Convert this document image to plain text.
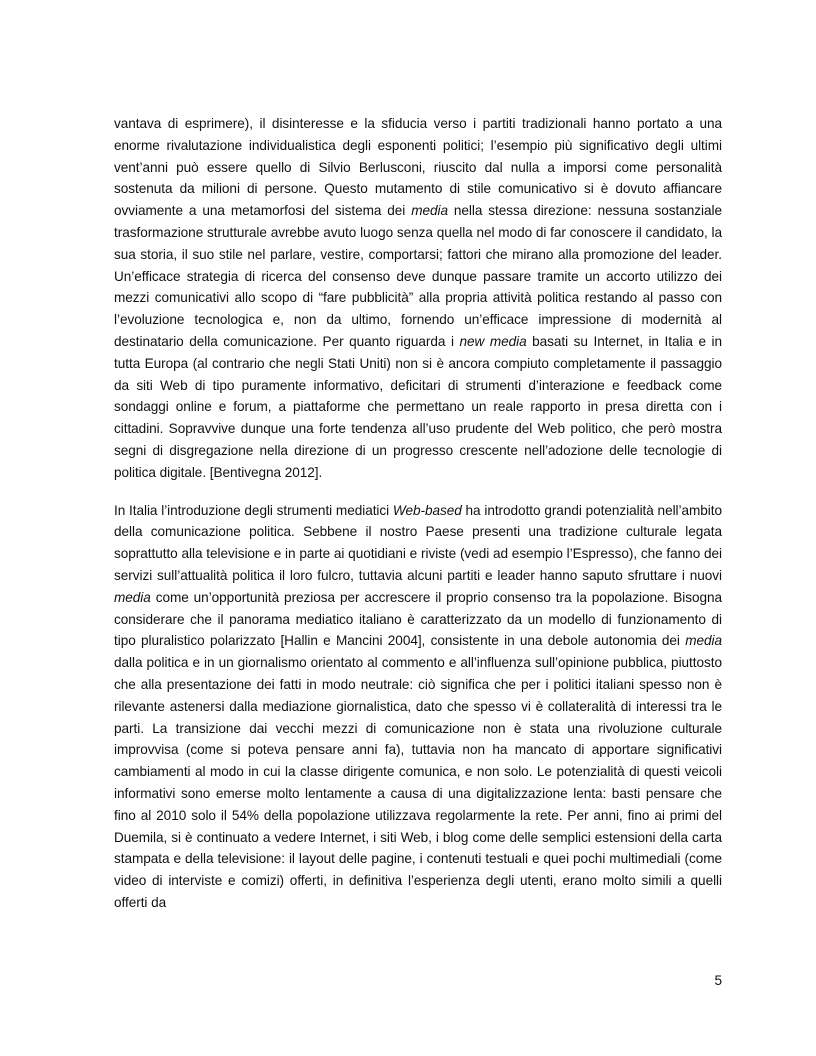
vantava di esprimere), il disinteresse e la sfiducia verso i partiti tradizionali hanno portato a una enorme rivalutazione individualistica degli esponenti politici; l’esempio più significativo degli ultimi vent’anni può essere quello di Silvio Berlusconi, riuscito dal nulla a imporsi come personalità sostenuta da milioni di persone. Questo mutamento di stile comunicativo si è dovuto affiancare ovviamente a una metamorfosi del sistema dei media nella stessa direzione: nessuna sostanziale trasformazione strutturale avrebbe avuto luogo senza quella nel modo di far conoscere il candidato, la sua storia, il suo stile nel parlare, vestire, comportarsi; fattori che mirano alla promozione del leader. Un’efficace strategia di ricerca del consenso deve dunque passare tramite un accorto utilizzo dei mezzi comunicativi allo scopo di “fare pubblicità” alla propria attività politica restando al passo con l’evoluzione tecnologica e, non da ultimo, fornendo un’efficace impressione di modernità al destinatario della comunicazione. Per quanto riguarda i new media basati su Internet, in Italia e in tutta Europa (al contrario che negli Stati Uniti) non si è ancora compiuto completamente il passaggio da siti Web di tipo puramente informativo, deficitari di strumenti d’interazione e feedback come sondaggi online e forum, a piattaforme che permettano un reale rapporto in presa diretta con i cittadini. Sopravvive dunque una forte tendenza all’uso prudente del Web politico, che però mostra segni di disgregazione nella direzione di un progresso crescente nell’adozione delle tecnologie di politica digitale. [Bentivegna 2012].

In Italia l’introduzione degli strumenti mediatici Web-based ha introdotto grandi potenzialità nell’ambito della comunicazione politica. Sebbene il nostro Paese presenti una tradizione culturale legata soprattutto alla televisione e in parte ai quotidiani e riviste (vedi ad esempio l’Espresso), che fanno dei servizi sull’attualità politica il loro fulcro, tuttavia alcuni partiti e leader hanno saputo sfruttare i nuovi media come un’opportunità preziosa per accrescere il proprio consenso tra la popolazione. Bisogna considerare che il panorama mediatico italiano è caratterizzato da un modello di funzionamento di tipo pluralistico polarizzato [Hallin e Mancini 2004], consistente in una debole autonomia dei media dalla politica e in un giornalismo orientato al commento e all’influenza sull’opinione pubblica, piuttosto che alla presentazione dei fatti in modo neutrale: ciò significa che per i politici italiani spesso non è rilevante astenersi dalla mediazione giornalistica, dato che spesso vi è collateralità di interessi tra le parti. La transizione dai vecchi mezzi di comunicazione non è stata una rivoluzione culturale improvvisa (come si poteva pensare anni fa), tuttavia non ha mancato di apportare significativi cambiamenti al modo in cui la classe dirigente comunica, e non solo. Le potenzialità di questi veicoli informativi sono emerse molto lentamente a causa di una digitalizzazione lenta: basti pensare che fino al 2010 solo il 54% della popolazione utilizzava regolarmente la rete. Per anni, fino ai primi del Duemila, si è continuato a vedere Internet, i siti Web, i blog come delle semplici estensioni della carta stampata e della televisione: il layout delle pagine, i contenuti testuali e quei pochi multimediali (come video di interviste e comizi) offerti, in definitiva l’esperienza degli utenti, erano molto simili a quelli offerti da

5
